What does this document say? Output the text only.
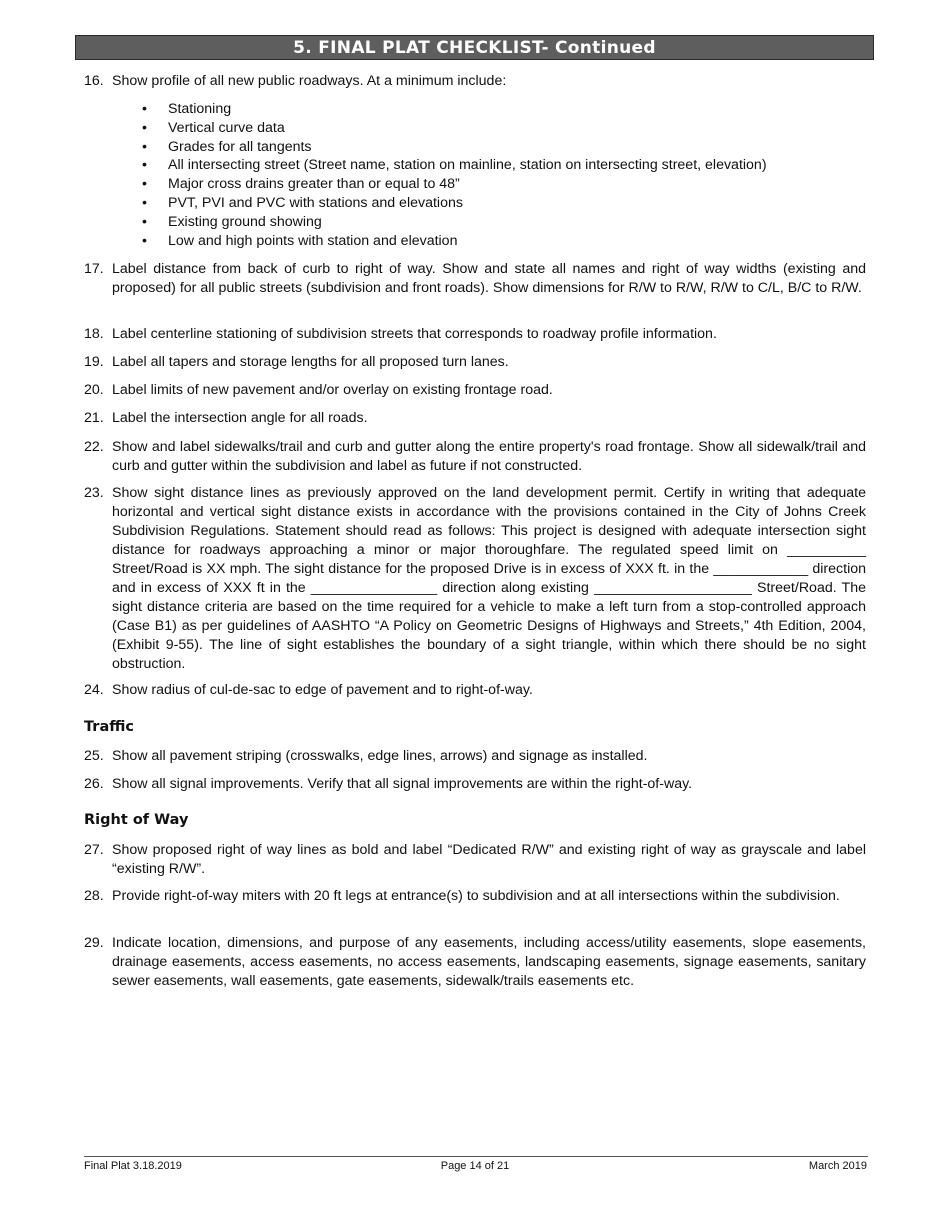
5. FINAL PLAT CHECKLIST- Continued
16. Show profile of all new public roadways. At a minimum include:
• Stationing
• Vertical curve data
• Grades for all tangents
• All intersecting street (Street name, station on mainline, station on intersecting street, elevation)
• Major cross drains greater than or equal to 48”
• PVT, PVI and PVC with stations and elevations
• Existing ground showing
• Low and high points with station and elevation
17. Label distance from back of curb to right of way. Show and state all names and right of way widths (existing and proposed) for all public streets (subdivision and front roads). Show dimensions for R/W to R/W, R/W to C/L, B/C to R/W.
18. Label centerline stationing of subdivision streets that corresponds to roadway profile information.
19. Label all tapers and storage lengths for all proposed turn lanes.
20. Label limits of new pavement and/or overlay on existing frontage road.
21. Label the intersection angle for all roads.
22. Show and label sidewalks/trail and curb and gutter along the entire property's road frontage. Show all sidewalk/trail and curb and gutter within the subdivision and label as future if not constructed.
23. Show sight distance lines as previously approved on the land development permit. Certify in writing that adequate horizontal and vertical sight distance exists in accordance with the provisions contained in the City of Johns Creek Subdivision Regulations. Statement should read as follows: This project is designed with adequate intersection sight distance for roadways approaching a minor or major thoroughfare. The regulated speed limit on __________ Street/Road is XX mph. The sight distance for the proposed Drive is in excess of XXX ft. in the ____________ direction and in excess of XXX ft in the ________________ direction along existing ____________________ Street/Road. The sight distance criteria are based on the time required for a vehicle to make a left turn from a stop-controlled approach (Case B1) as per guidelines of AASHTO “A Policy on Geometric Designs of Highways and Streets,” 4th Edition, 2004, (Exhibit 9-55). The line of sight establishes the boundary of a sight triangle, within which there should be no sight obstruction.
24. Show radius of cul-de-sac to edge of pavement and to right-of-way.
Traffic
25. Show all pavement striping (crosswalks, edge lines, arrows) and signage as installed.
26. Show all signal improvements. Verify that all signal improvements are within the right-of-way.
Right of Way
27. Show proposed right of way lines as bold and label “Dedicated R/W” and existing right of way as grayscale and label “existing R/W”.
28. Provide right-of-way miters with 20 ft legs at entrance(s) to subdivision and at all intersections within the subdivision.
29. Indicate location, dimensions, and purpose of any easements, including access/utility easements, slope easements, drainage easements, access easements, no access easements, landscaping easements, signage easements, sanitary sewer easements, wall easements, gate easements, sidewalk/trails easements etc.
Final Plat 3.18.2019	Page 14 of 21	March 2019
